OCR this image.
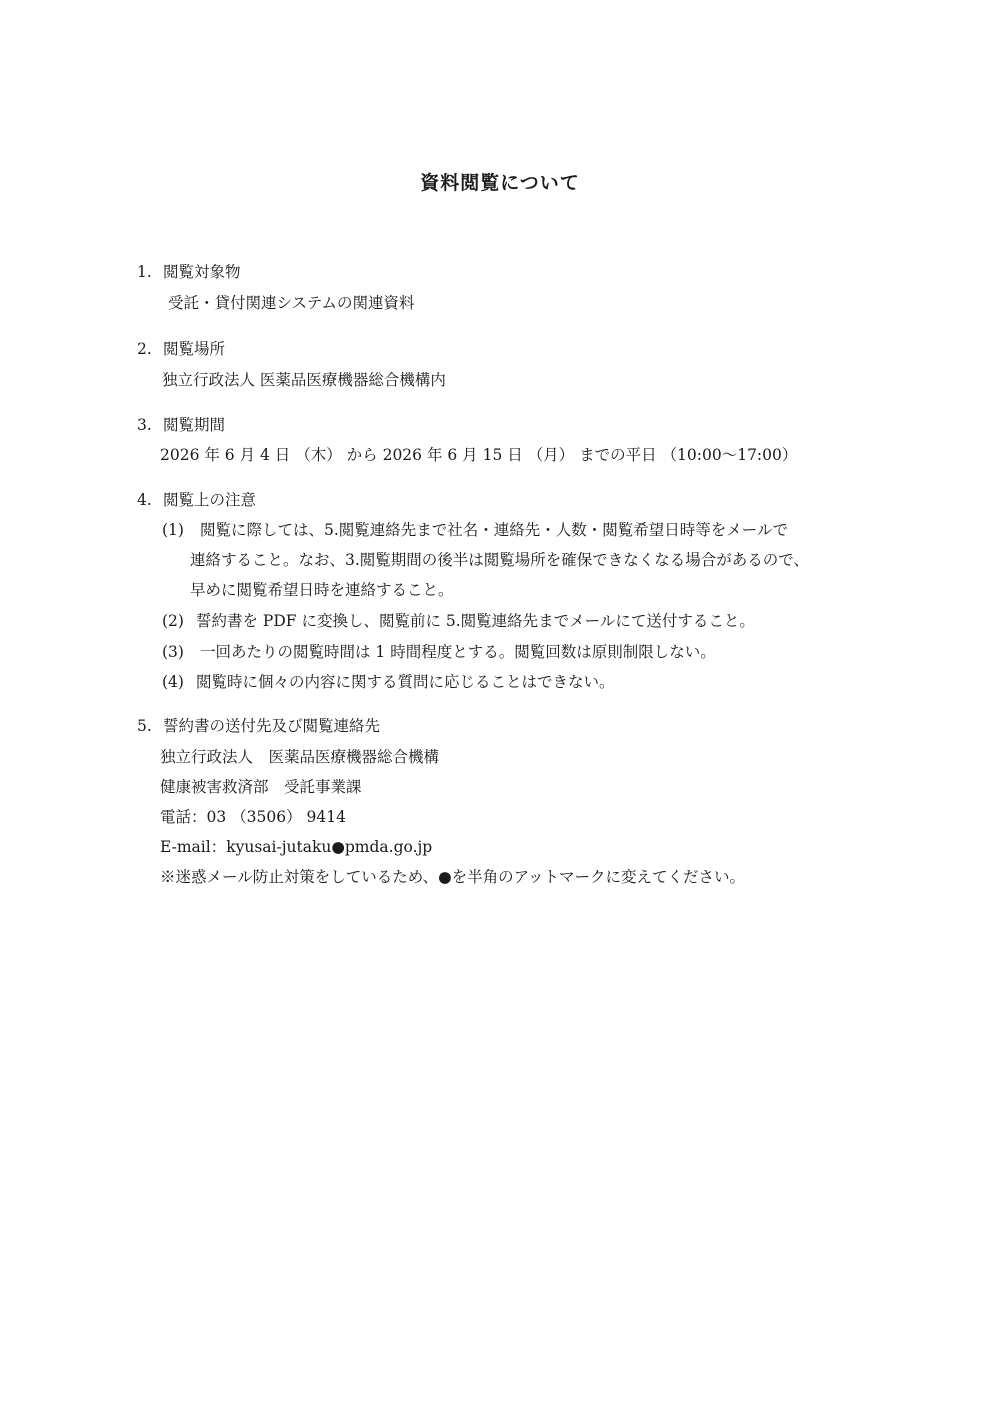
資料閲覧について

1. 閲覧対象物

受託・貸付関連システムの関連資料

2. 閲覧場所

独立行政法人 医薬品医療機器総合機構内

3. 閲覧期間

2026 年 6 月 4 日 （木） から 2026 年 6 月 15 日 （月） までの平日 （10:00～17:00）

4. 閲覧上の注意

(1) 閲覧に際しては、5.閲覧連絡先まで社名・連絡先・人数・閲覧希望日時等をメールで

連絡すること。なお、3.閲覧期間の後半は閲覧場所を確保できなくなる場合があるので、

早めに閲覧希望日時を連絡すること。

(2) 誓約書を PDF に変換し、閲覧前に 5.閲覧連絡先までメールにて送付すること。

(3) 一回あたりの閲覧時間は 1 時間程度とする。閲覧回数は原則制限しない。

(4) 閲覧時に個々の内容に関する質問に応じることはできない。

5. 誓約書の送付先及び閲覧連絡先

独立行政法人　医薬品医療機器総合機構

健康被害救済部　受託事業課

電話：03 （3506） 9414

E-mail：kyusai-jutaku●pmda.go.jp

※迷惑メール防止対策をしているため、●を半角のアットマークに変えてください。
